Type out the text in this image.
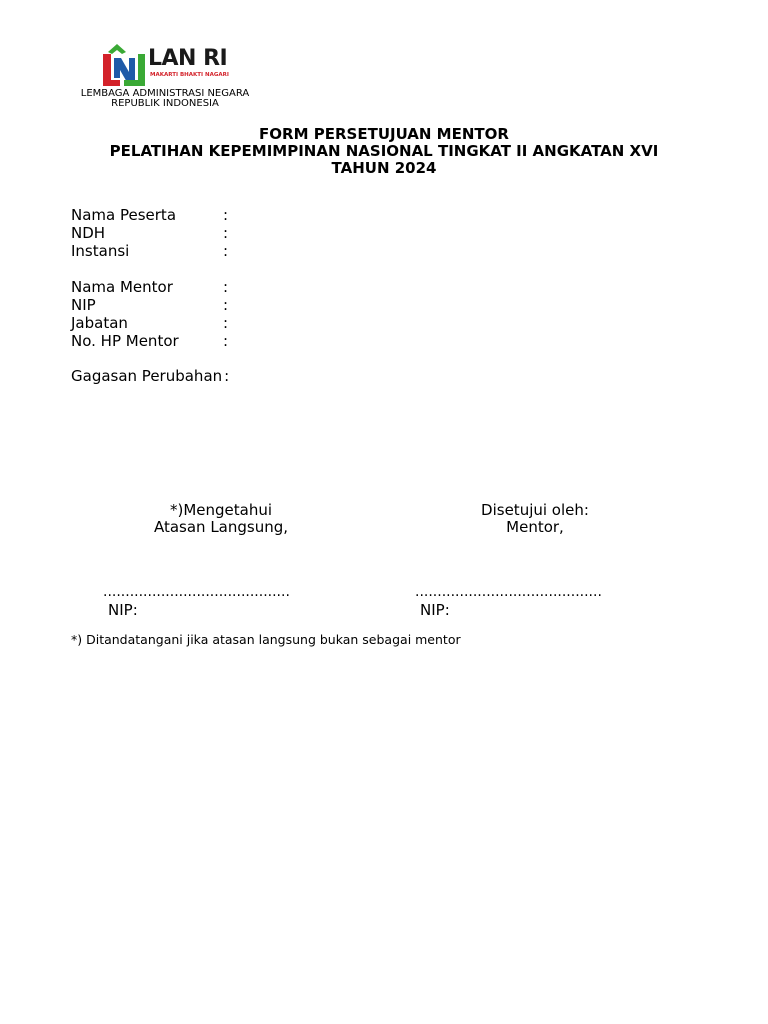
LAN RI
MAKARTI BHAKTI NAGARI
LEMBAGA ADMINISTRASI NEGARA
REPUBLIK INDONESIA
FORM PERSETUJUAN MENTOR
PELATIHAN KEPEMIMPINAN NASIONAL TINGKAT II ANGKATAN XVI
TAHUN 2024
Nama Peserta	:
NDH	:
Instansi	:
Nama Mentor	:
NIP	:
Jabatan	:
No. HP Mentor	:
Gagasan Perubahan :
*)Mengetahui
Atasan Langsung,
Disetujui oleh:
Mentor,
..........................................	..........................................
NIP:	NIP:
*) Ditandatangani jika atasan langsung bukan sebagai mentor
